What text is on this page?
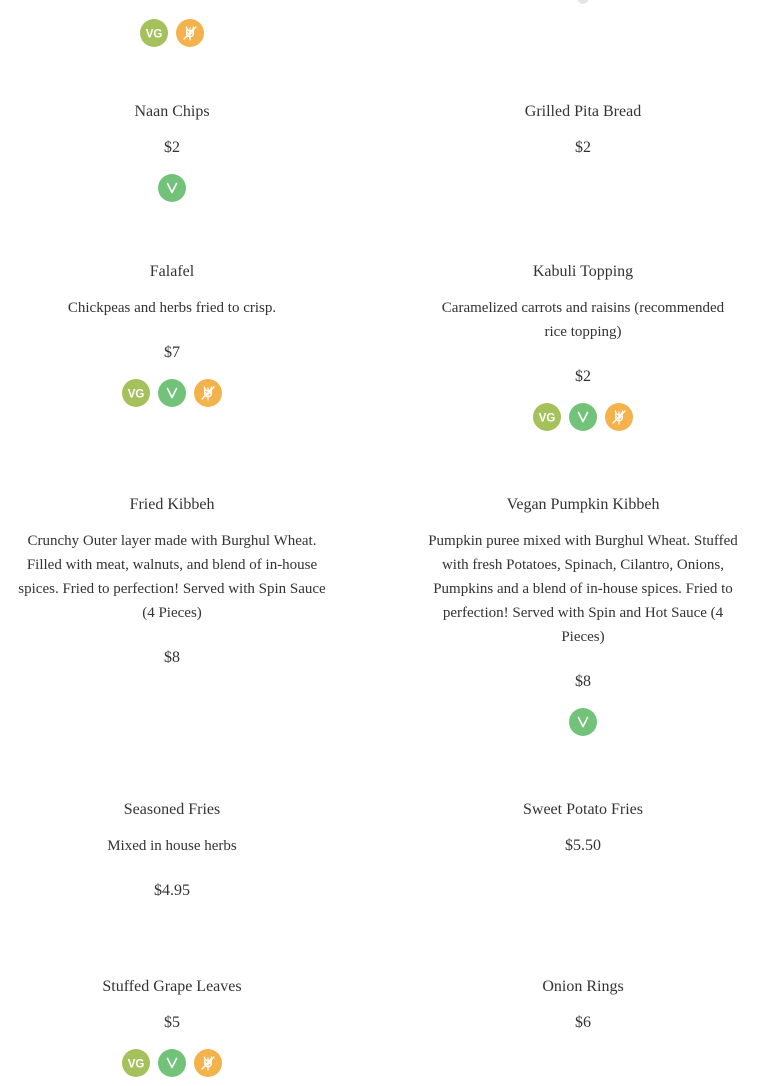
VG
Naan Chips
$2
Grilled Pita Bread
$2
Falafel
Chickpeas and herbs fried to crisp.
$7
VG
Kabuli Topping
Caramelized carrots and raisins (recommended rice topping)
$2
VG
Fried Kibbeh
Crunchy Outer layer made with Burghul Wheat. Filled with meat, walnuts, and blend of in-house spices. Fried to perfection! Served with Spin Sauce (4 Pieces)
$8
Vegan Pumpkin Kibbeh
Pumpkin puree mixed with Burghul Wheat. Stuffed with fresh Potatoes, Spinach, Cilantro, Onions, Pumpkins and a blend of in-house spices. Fried to perfection! Served with Spin and Hot Sauce (4 Pieces)
$8
Seasoned Fries
Mixed in house herbs
$4.95
Sweet Potato Fries
$5.50
Stuffed Grape Leaves
$5
VG
Onion Rings
$6
